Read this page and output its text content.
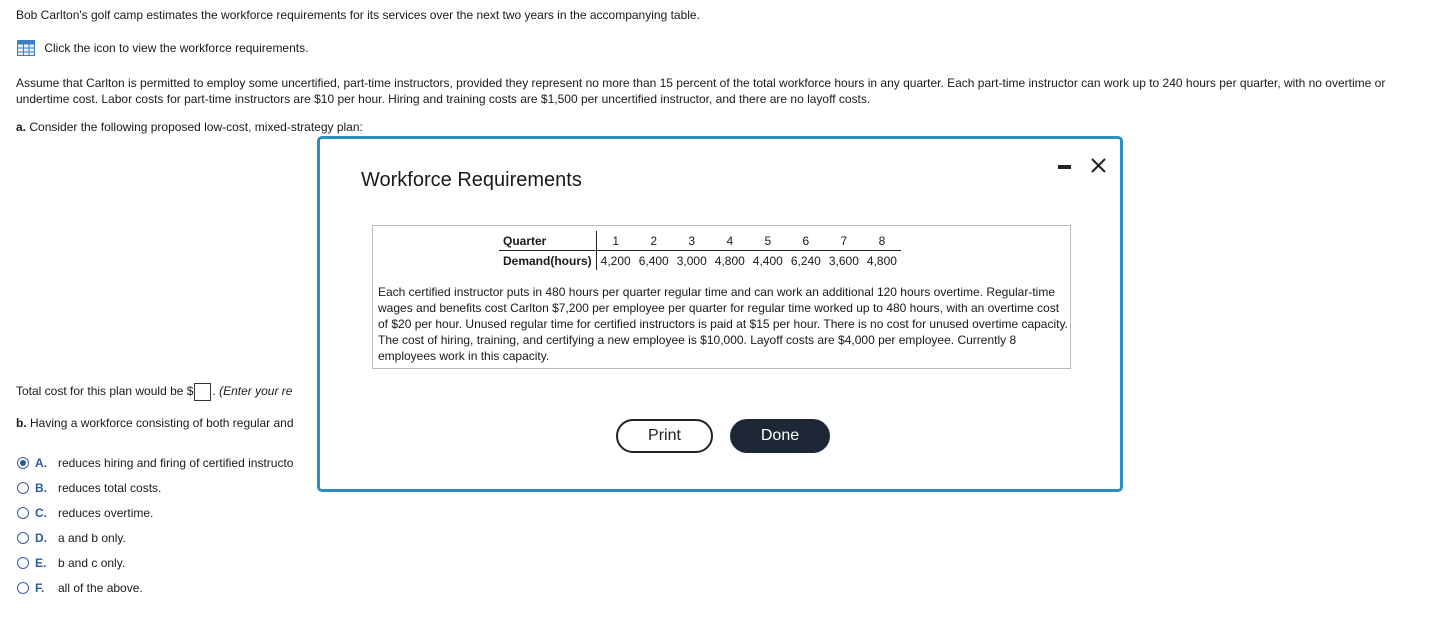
Bob Carlton's golf camp estimates the workforce requirements for its services over the next two years in the accompanying table.
Click the icon to view the workforce requirements.
Assume that Carlton is permitted to employ some uncertified, part-time instructors, provided they represent no more than 15 percent of the total workforce hours in any quarter. Each part-time instructor can work up to 240 hours per quarter, with no overtime or undertime cost. Labor costs for part-time instructors are $10 per hour. Hiring and training costs are $1,500 per uncertified instructor, and there are no layoff costs.
a. Consider the following proposed low-cost, mixed-strategy plan:
Total cost for this plan would be $ . (Enter your re
b. Having a workforce consisting of both regular and
A. reduces hiring and firing of certified instructo
B. reduces total costs.
C. reduces overtime.
D. a and b only.
E. b and c only.
F.	all of the above.
Workforce Requirements
Quarter	1	2	3	4	5	6	7	8
Demand(hours)	4,200	6,400	3,000	4,800	4,400	6,240	3,600	4,800
Each certified instructor puts in 480 hours per quarter regular time and can work an additional 120 hours overtime. Regular-time wages and benefits cost Carlton $7,200 per employee per quarter for regular time worked up to 480 hours, with an overtime cost of $20 per hour. Unused regular time for certified instructors is paid at $15 per hour. There is no cost for unused overtime capacity. The cost of hiring, training, and certifying a new employee is $10,000. Layoff costs are $4,000 per employee. Currently 8 employees work in this capacity.
Print	Done
